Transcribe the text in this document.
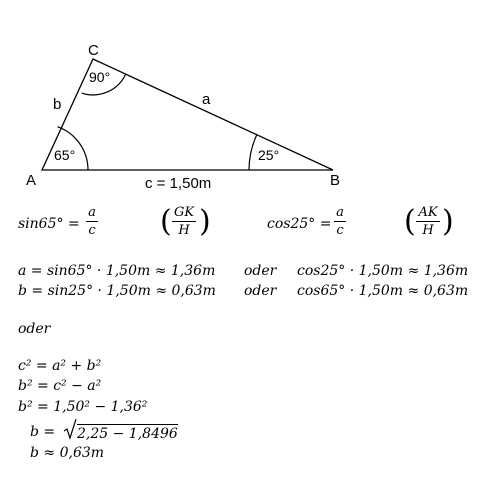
C
A	B
a
b
c = 1,50m
65°	25°
90°
sin65° =
a
c ( GK
H )	cos25° =
a
c ( AK
H )
a = sin65° · 1,50m ≈ 1,36m oder cos25° · 1,50m ≈ 1,36m
b = sin25° · 1,50m ≈ 0,63m oder cos65° · 1,50m ≈ 0,63m
oder
c² = a² + b²
b² = c² − a²
b² = 1,50² − 1,36²
b = 2,25 − 1,8496
b ≈ 0,63m
